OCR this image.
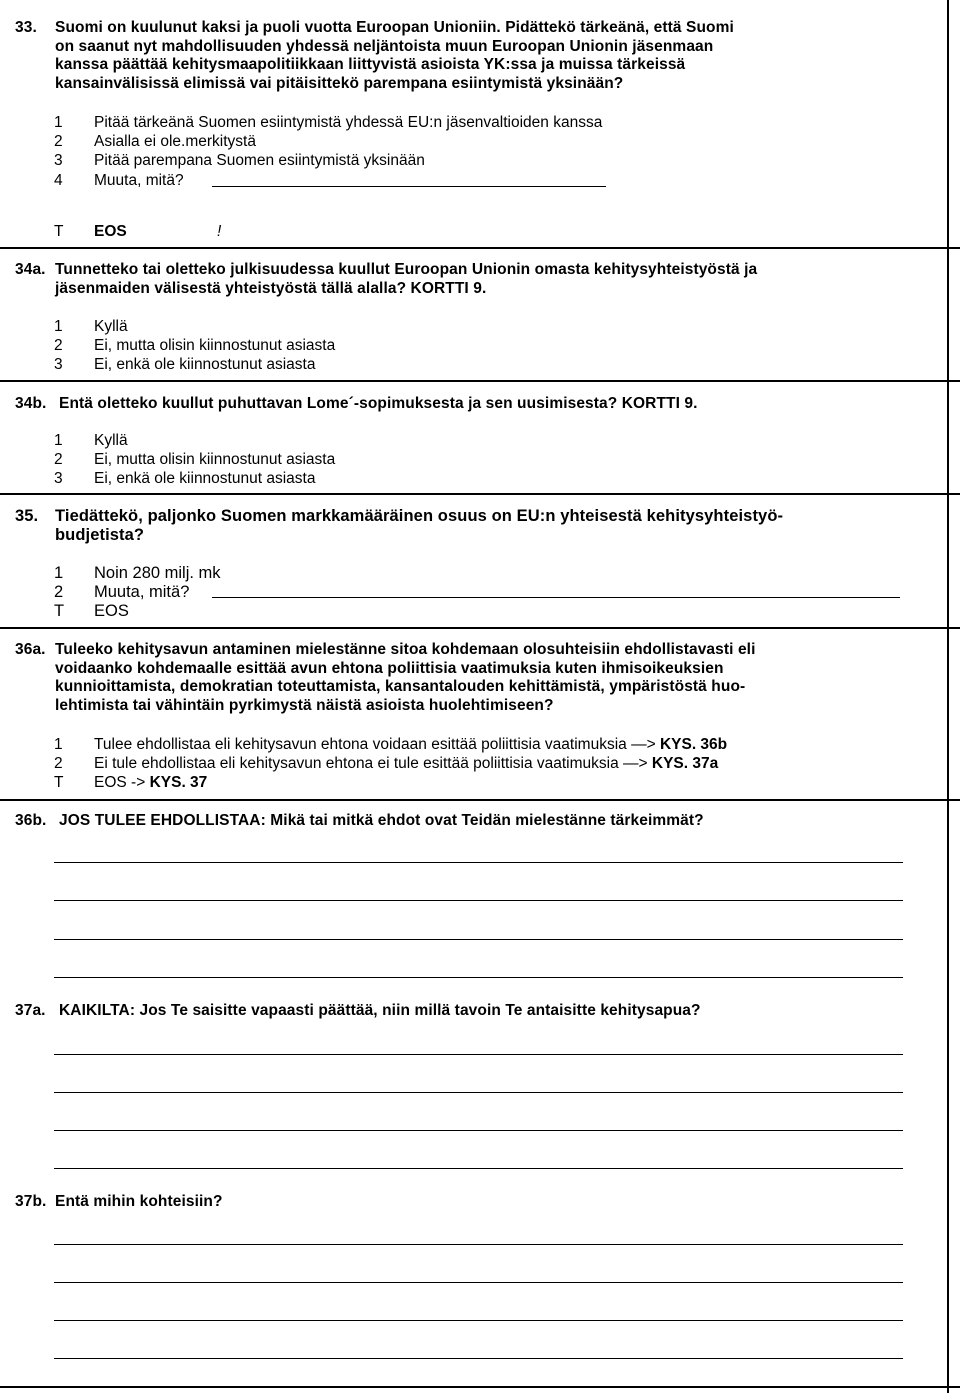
33. Suomi on kuulunut kaksi ja puoli vuotta Euroopan Unioniin. Pidättekö tärkeänä, että Suomi
on saanut nyt mahdollisuuden yhdessä neljäntoista muun Euroopan Unionin jäsenmaan
kanssa päättää kehitysmaapolitiikkaan liittyvistä asioista YK:ssa ja muissa tärkeissä
kansainvälisissä elimissä vai pitäisittekö parempana esiintymistä yksinään?
1 Pitää tärkeänä Suomen esiintymistä yhdessä EU:n jäsenvaltioiden kanssa
2 Asialla ei ole.merkitystä
3 Pitää parempana Suomen esiintymistä yksinään
4 Muuta, mitä?
T EOS	!
34a. Tunnetteko tai oletteko julkisuudessa kuullut Euroopan Unionin omasta kehitysyhteistyöstä ja
jäsenmaiden välisestä yhteistyöstä tällä alalla? KORTTI 9.
1 Kyllä
2 Ei, mutta olisin kiinnostunut asiasta
3 Ei, enkä ole kiinnostunut asiasta
34b. Entä oletteko kuullut puhuttavan Lome´-sopimuksesta ja sen uusimisesta? KORTTI 9.
1 Kyllä
2 Ei, mutta olisin kiinnostunut asiasta
3 Ei, enkä ole kiinnostunut asiasta
35. Tiedättekö, paljonko Suomen markkamääräinen osuus on EU:n yhteisestä kehitysyhteistyö-
budjetista?
1 Noin 280 milj. mk
2 Muuta, mitä?
T EOS
36a. Tuleeko kehitysavun antaminen mielestänne sitoa kohdemaan olosuhteisiin ehdollistavasti eli
voidaanko kohdemaalle esittää avun ehtona poliittisia vaatimuksia kuten ihmisoikeuksien
kunnioittamista, demokratian toteuttamista, kansantalouden kehittämistä, ympäristöstä huo-
lehtimista tai vähintäin pyrkimystä näistä asioista huolehtimiseen?
1 Tulee ehdollistaa eli kehitysavun ehtona voidaan esittää poliittisia vaatimuksia —> KYS. 36b
2 Ei tule ehdollistaa eli kehitysavun ehtona ei tule esittää poliittisia vaatimuksia —> KYS. 37a
T EOS -> KYS. 37
36b. JOS TULEE EHDOLLISTAA: Mikä tai mitkä ehdot ovat Teidän mielestänne tärkeimmät?
37a. KAIKILTA: Jos Te saisitte vapaasti päättää, niin millä tavoin Te antaisitte kehitysapua?
37b. Entä mihin kohteisiin?
